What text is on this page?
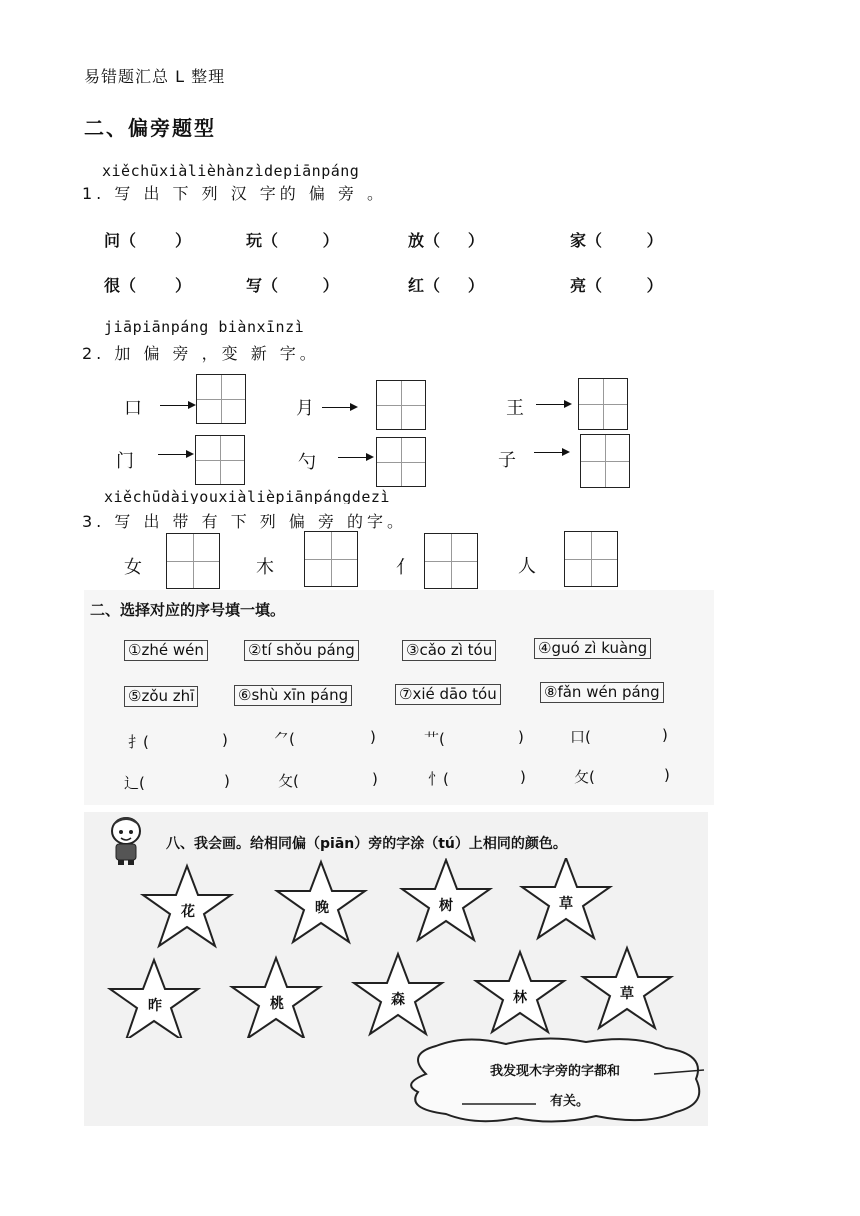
易错题汇总 L 整理
二、偏旁题型
xiěchūxiàlièhànzìdepiānpáng
1. 写 出 下 列 汉 字的 偏 旁 。
问（       ）	玩（        ）	放（     ）	家（        ）
很（       ）	写（        ）	红（     ）	亮（        ）
jiāpiānpáng biànxīnzì
2. 加 偏 旁 ，变 新 字。
口	月	王
门	勺	子
xiěchūdàiyouxiàlièpiānpángdezì
3. 写 出 带 有 下 列 偏 旁 的字。
女	木	亻	人
二、选择对应的序号填一填。
①zhé wén	②tí shǒu páng	③cǎo zì tóu	④guó zì kuàng
⑤zǒu zhī	⑥shù xīn páng	⑦xié dāo tóu	⑧fǎn wén páng
扌(	)	⺈(	)	艹(	)	口(	)
辶(	)	攵(	)	忄(	)	攵(	)
八、我会画。给相同偏（piān）旁的字涂（tú）上相同的颜色。
花	晚	树	草
昨	桃	森	林	草
我发现木字旁的字都和
有关。
